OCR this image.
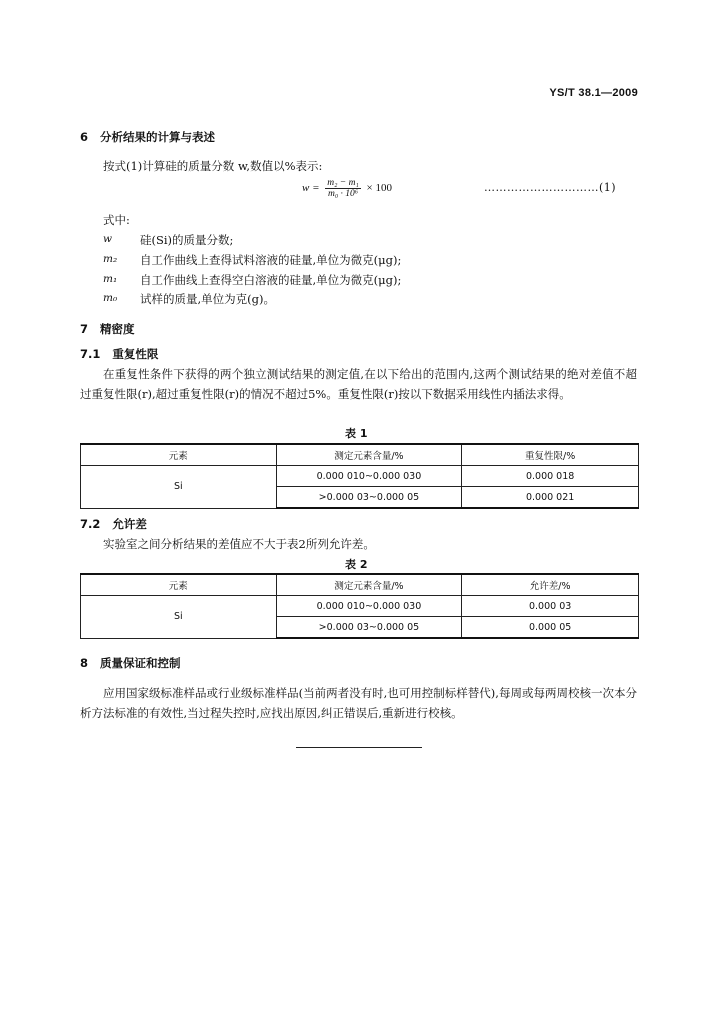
YS/T 38.1—2009
6 分析结果的计算与表述
按式(1)计算硅的质量分数 w,数值以%表示:
$w = \frac{\text{m₂ − m₁}}{\text{m₀ · 10⁶}} \times 100$	…………………………(1)
式中:
w 硅(Si)的质量分数;
m₂ 自工作曲线上查得试料溶液的硅量,单位为微克(μg);
m₁ 自工作曲线上查得空白溶液的硅量,单位为微克(μg);
m₀ 试样的质量,单位为克(g)。
7 精密度
7.1 重复性限
在重复性条件下获得的两个独立测试结果的测定值,在以下给出的范围内,这两个测试结果的绝对差值不超过重复性限(r),超过重复性限(r)的情况不超过5%。重复性限(r)按以下数据采用线性内插法求得。
表 1
元素	测定元素含量/%	重复性限/%
Si	0.000 010~0.000 030	0.000 018
	>0.000 03~0.000 05	0.000 021
7.2 允许差
实验室之间分析结果的差值应不大于表2所列允许差。
表 2
元素	测定元素含量/%	允许差/%
Si	0.000 010~0.000 030	0.000 03
	>0.000 03~0.000 05	0.000 05
8 质量保证和控制
应用国家级标准样品或行业级标准样品(当前两者没有时,也可用控制标样替代),每周或每两周校核一次本分析方法标准的有效性,当过程失控时,应找出原因,纠正错误后,重新进行校核。
